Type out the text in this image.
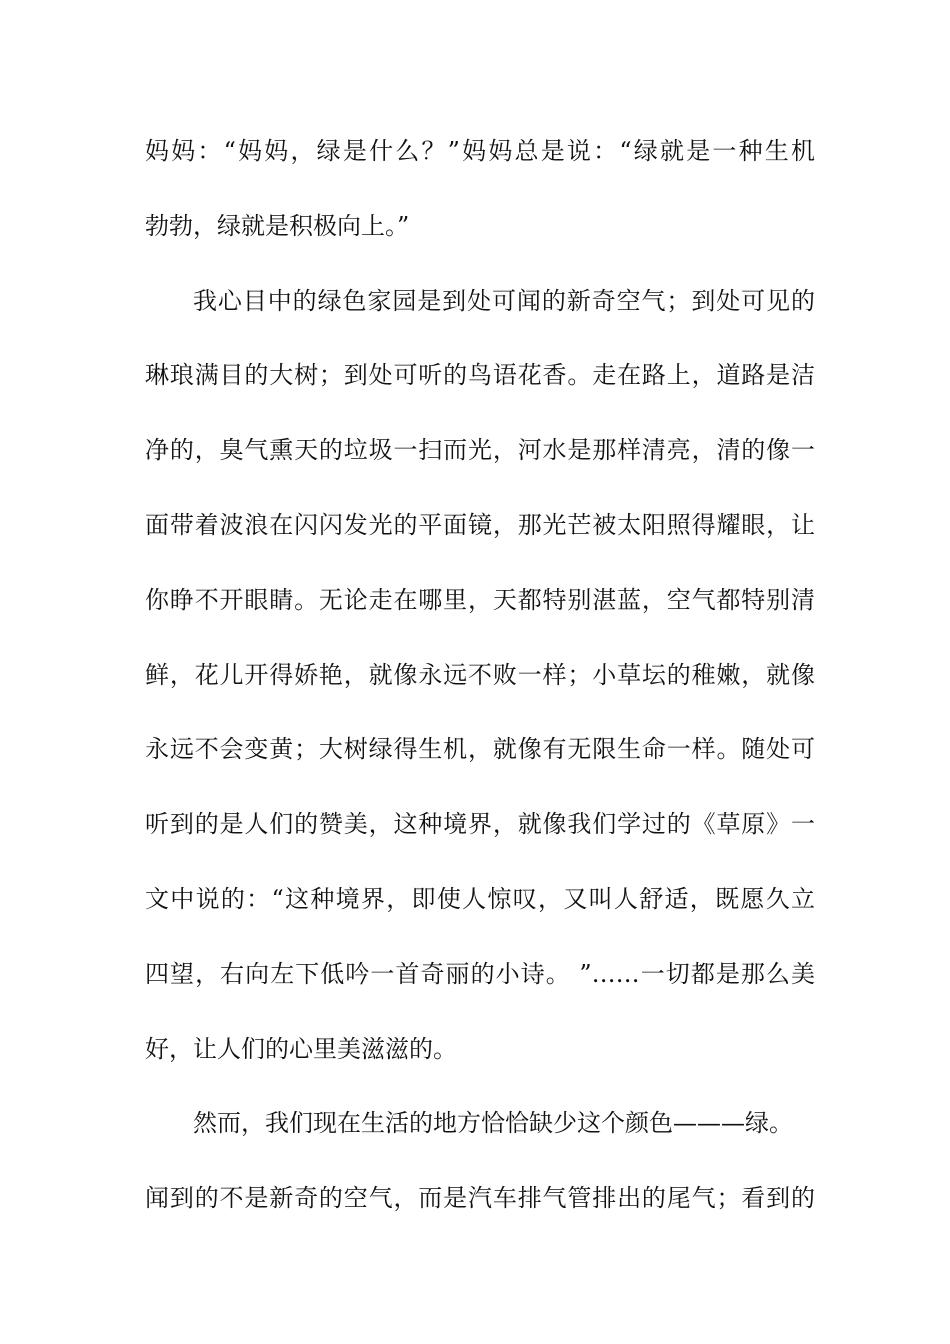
妈妈：“妈妈，绿是什么？”妈妈总是说：“绿就是一种生机
勃勃，绿就是积极向上。”
我心目中的绿色家园是到处可闻的新奇空气；到处可见的
琳琅满目的大树；到处可听的鸟语花香。走在路上，道路是洁
净的，臭气熏天的垃圾一扫而光，河水是那样清亮，清的像一
面带着波浪在闪闪发光的平面镜，那光芒被太阳照得耀眼，让
你睁不开眼睛。无论走在哪里，天都特别湛蓝，空气都特别清
鲜，花儿开得娇艳，就像永远不败一样；小草坛的稚嫩，就像
永远不会变黄；大树绿得生机，就像有无限生命一样。随处可
听到的是人们的赞美，这种境界，就像我们学过的《草原》一
文中说的：“这种境界，即使人惊叹，又叫人舒适，既愿久立
四望，右向左下低吟一首奇丽的小诗。 ”……一切都是那么美
好，让人们的心里美滋滋的。
然而，我们现在生活的地方恰恰缺少这个颜色———绿。
闻到的不是新奇的空气，而是汽车排气管排出的尾气；看到的
